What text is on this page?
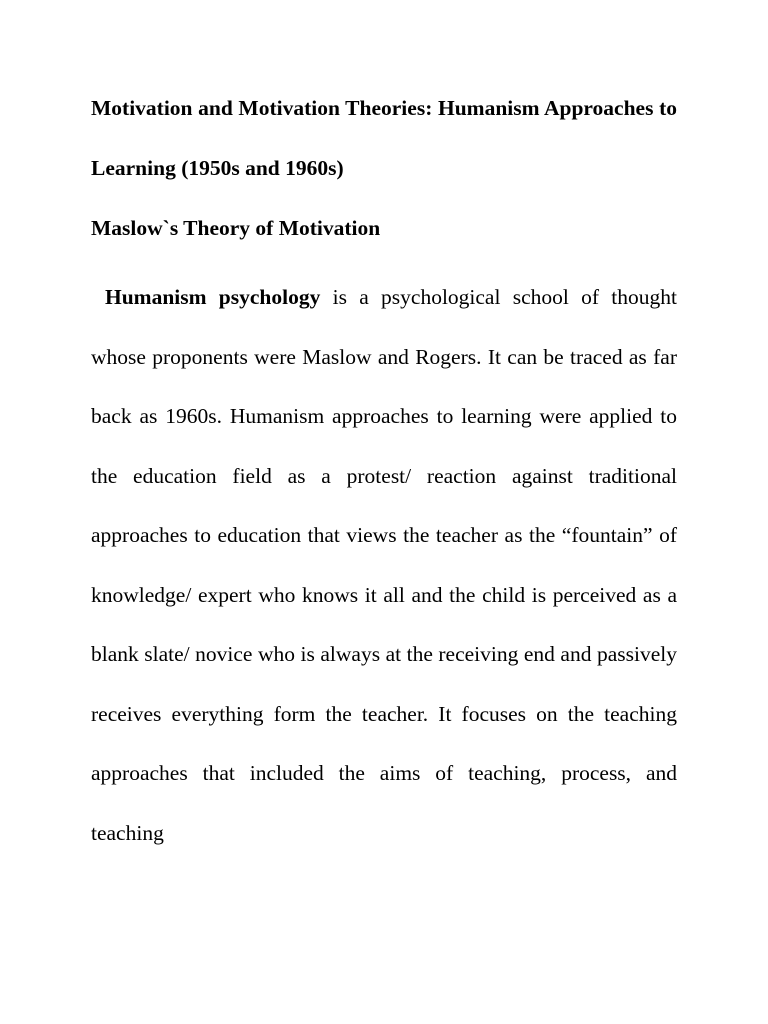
Motivation and Motivation Theories: Humanism Approaches to Learning (1950s and 1960s)

Maslow`s Theory of Motivation

Humanism psychology is a psychological school of thought whose proponents were Maslow and Rogers. It can be traced as far back as 1960s. Humanism approaches to learning were applied to the education field as a protest/ reaction against traditional approaches to education that views the teacher as the “fountain” of knowledge/ expert who knows it all and the child is perceived as a blank slate/ novice who is always at the receiving end and passively receives everything form the teacher. It focuses on the teaching approaches that included the aims of teaching, process, and teaching
